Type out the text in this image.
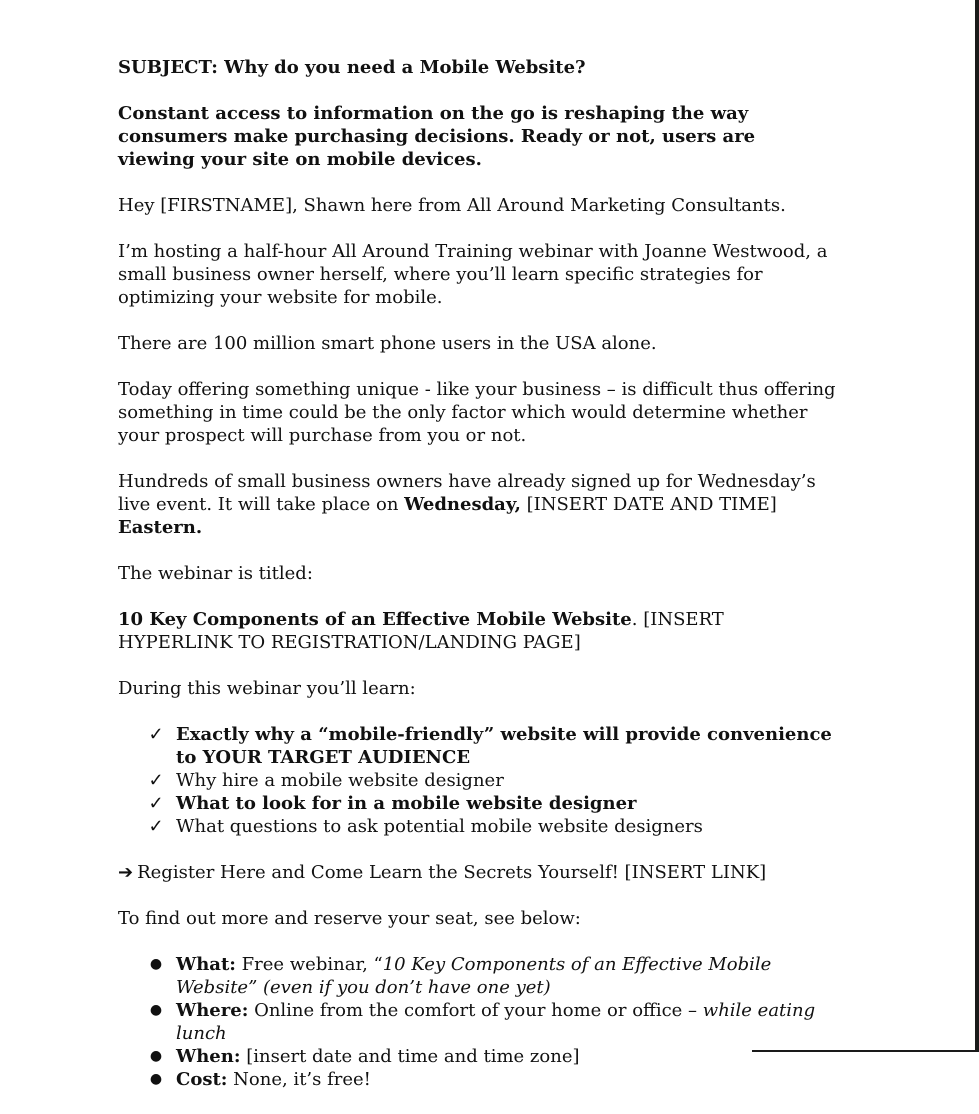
SUBJECT: Why do you need a Mobile Website?

Constant access to information on the go is reshaping the way consumers make purchasing decisions. Ready or not, users are viewing your site on mobile devices.

Hey [FIRSTNAME], Shawn here from All Around Marketing Consultants.

I’m hosting a half-hour All Around Training webinar with Joanne Westwood, a small business owner herself, where you’ll learn specific strategies for optimizing your website for mobile.

There are 100 million smart phone users in the USA alone.

Today offering something unique - like your business – is difficult thus offering something in time could be the only factor which would determine whether your prospect will purchase from you or not.

Hundreds of small business owners have already signed up for Wednesday’s live event. It will take place on Wednesday, [INSERT DATE AND TIME] Eastern.

The webinar is titled:

10 Key Components of an Effective Mobile Website. [INSERT HYPERLINK TO REGISTRATION/LANDING PAGE]

During this webinar you’ll learn:

✓ Exactly why a “mobile-friendly” website will provide convenience to YOUR TARGET AUDIENCE
✓ Why hire a mobile website designer
✓ What to look for in a mobile website designer
✓ What questions to ask potential mobile website designers

➔ Register Here and Come Learn the Secrets Yourself! [INSERT LINK]

To find out more and reserve your seat, see below:

● What: Free webinar, “10 Key Components of an Effective Mobile Website” (even if you don’t have one yet)
● Where: Online from the comfort of your home or office – while eating lunch
● When: [insert date and time and time zone]
● Cost: None, it’s free!
